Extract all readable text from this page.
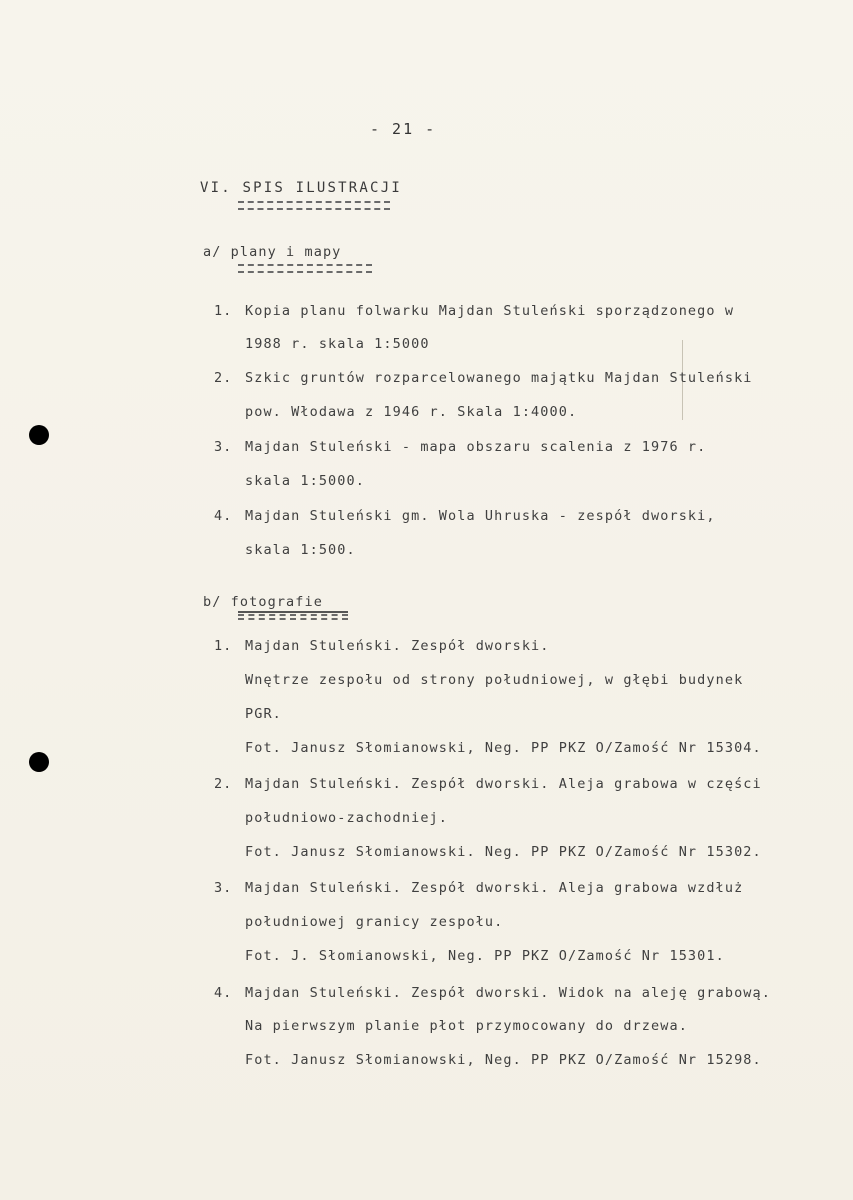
- 21 -
VI. SPIS ILUSTRACJI
a/ plany i mapy
1. Kopia planu folwarku Majdan Stuleński sporządzonego w
1988 r. skala 1:5000
2. Szkic gruntów rozparcelowanego majątku Majdan Stuleński
pow. Włodawa z 1946 r. Skala 1:4000.
3. Majdan Stuleński - mapa obszaru scalenia z 1976 r.
skala 1:5000.
4. Majdan Stuleński gm. Wola Uhruska - zespół dworski,
skala 1:500.
b/ fotografie
1. Majdan Stuleński. Zespół dworski.
Wnętrze zespołu od strony południowej, w głębi budynek
PGR.
Fot. Janusz Słomianowski, Neg. PP PKZ O/Zamość Nr 15304.
2. Majdan Stuleński. Zespół dworski. Aleja grabowa w części
południowo-zachodniej.
Fot. Janusz Słomianowski. Neg. PP PKZ O/Zamość Nr 15302.
3. Majdan Stuleński. Zespół dworski. Aleja grabowa wzdłuż
południowej granicy zespołu.
Fot. J. Słomianowski, Neg. PP PKZ O/Zamość Nr 15301.
4. Majdan Stuleński. Zespół dworski. Widok na aleję grabową.
Na pierwszym planie płot przymocowany do drzewa.
Fot. Janusz Słomianowski, Neg. PP PKZ O/Zamość Nr 15298.
